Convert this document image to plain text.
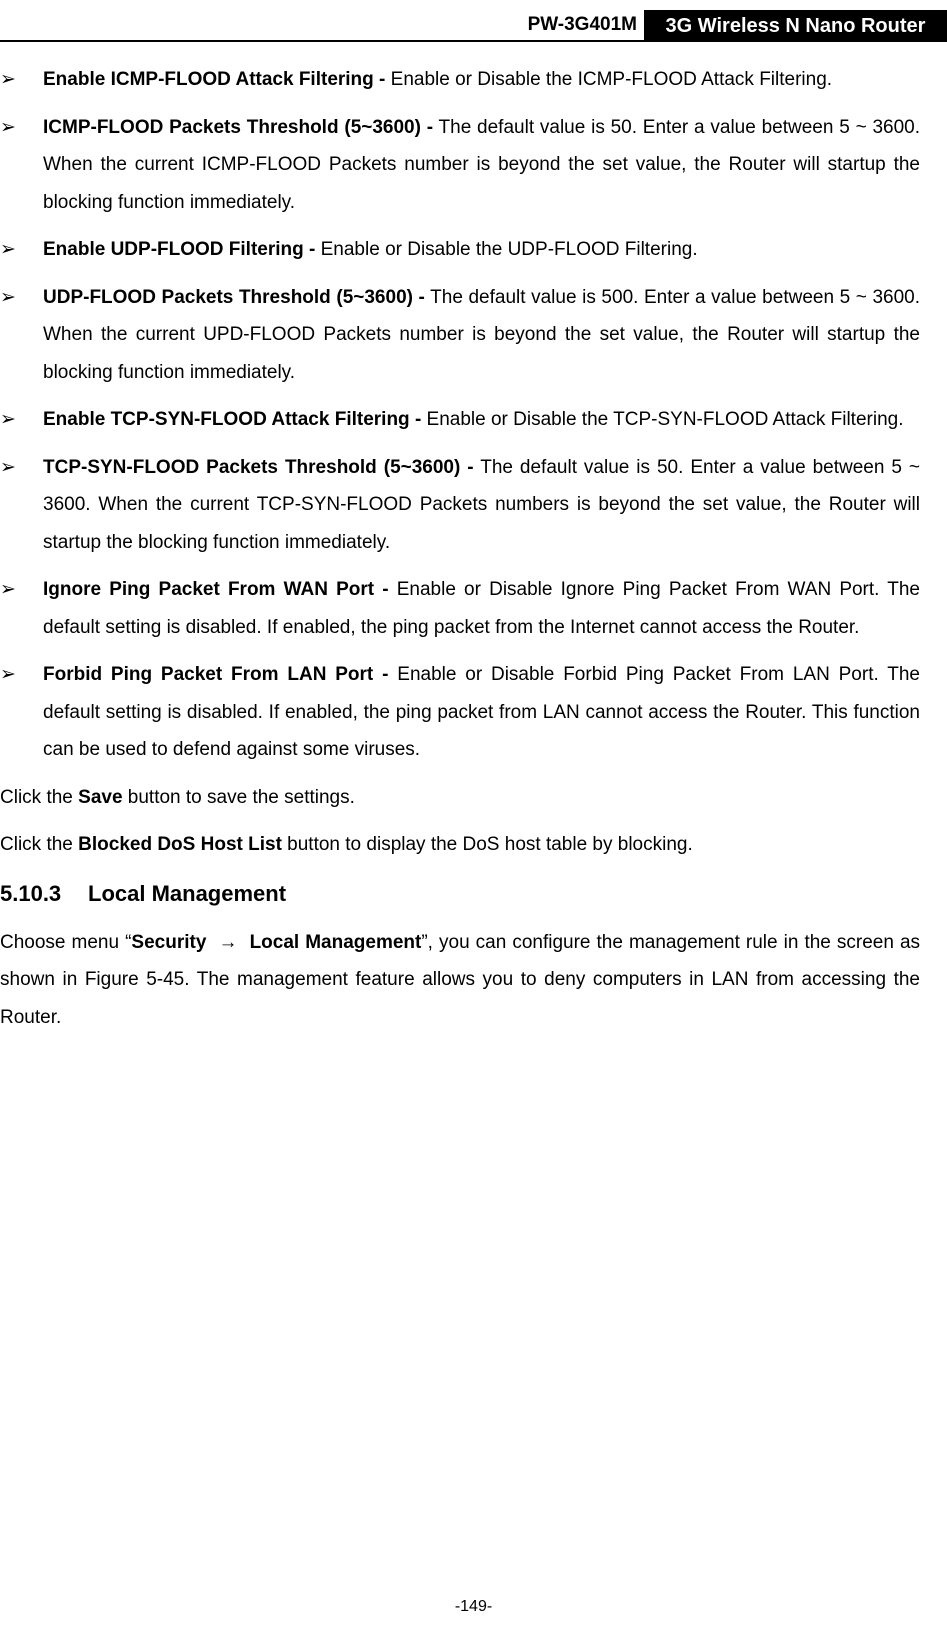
PW-3G401M	3G Wireless N Nano Router
➢ Enable ICMP-FLOOD Attack Filtering - Enable or Disable the ICMP-FLOOD Attack Filtering.
➢ ICMP-FLOOD Packets Threshold (5~3600) - The default value is 50. Enter a value between 5 ~ 3600. When the current ICMP-FLOOD Packets number is beyond the set value, the Router will startup the blocking function immediately.
➢ Enable UDP-FLOOD Filtering - Enable or Disable the UDP-FLOOD Filtering.
➢ UDP-FLOOD Packets Threshold (5~3600) - The default value is 500. Enter a value between 5 ~ 3600. When the current UPD-FLOOD Packets number is beyond the set value, the Router will startup the blocking function immediately.
➢ Enable TCP-SYN-FLOOD Attack Filtering - Enable or Disable the TCP-SYN-FLOOD Attack Filtering.
➢ TCP-SYN-FLOOD Packets Threshold (5~3600) - The default value is 50. Enter a value between 5 ~ 3600. When the current TCP-SYN-FLOOD Packets numbers is beyond the set value, the Router will startup the blocking function immediately.
➢ Ignore Ping Packet From WAN Port - Enable or Disable Ignore Ping Packet From WAN Port. The default setting is disabled. If enabled, the ping packet from the Internet cannot access the Router.
➢ Forbid Ping Packet From LAN Port - Enable or Disable Forbid Ping Packet From LAN Port. The default setting is disabled. If enabled, the ping packet from LAN cannot access the Router. This function can be used to defend against some viruses.

Click the Save button to save the settings.

Click the Blocked DoS Host List button to display the DoS host table by blocking.

5.10.3 Local Management

Choose menu “Security → Local Management”, you can configure the management rule in the screen as shown in Figure 5-45. The management feature allows you to deny computers in LAN from accessing the Router.

-149-
